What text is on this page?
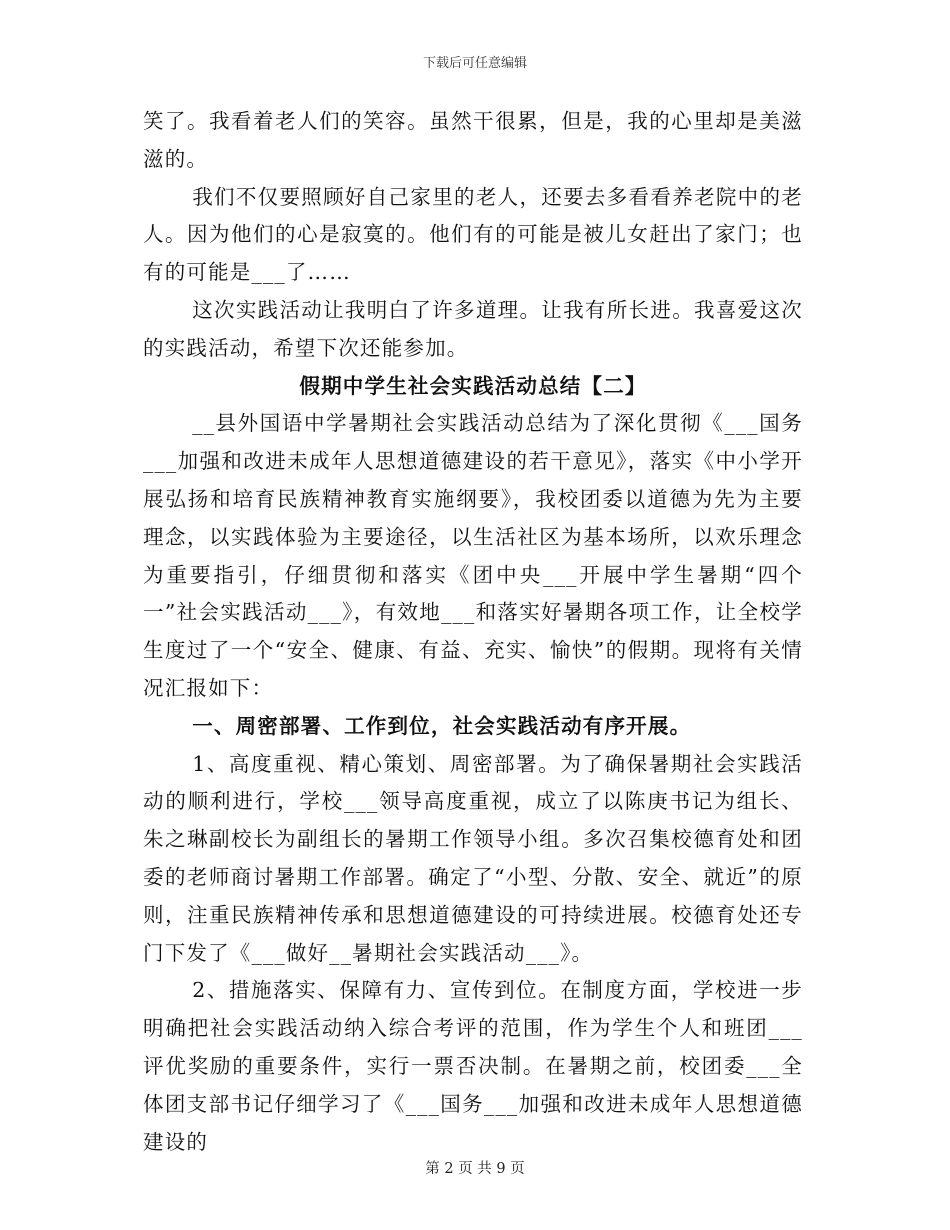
下载后可任意编辑

笑了。我看着老人们的笑容。虽然干很累，但是，我的心里却是美滋滋的。

我们不仅要照顾好自己家里的老人，还要去多看看养老院中的老人。因为他们的心是寂寞的。他们有的可能是被儿女赶出了家门；也有的可能是___了……

这次实践活动让我明白了许多道理。让我有所长进。我喜爱这次的实践活动，希望下次还能参加。

假期中学生社会实践活动总结【二】

__县外国语中学暑期社会实践活动总结为了深化贯彻《___国务___加强和改进未成年人思想道德建设的若干意见》，落实《中小学开展弘扬和培育民族精神教育实施纲要》，我校团委以道德为先为主要理念，以实践体验为主要途径，以生活社区为基本场所，以欢乐理念为重要指引，仔细贯彻和落实《团中央___开展中学生暑期“四个一”社会实践活动___》，有效地___和落实好暑期各项工作，让全校学生度过了一个“安全、健康、有益、充实、愉快”的假期。现将有关情况汇报如下：

一、周密部署、工作到位，社会实践活动有序开展。

1、高度重视、精心策划、周密部署。为了确保暑期社会实践活动的顺利进行，学校___领导高度重视，成立了以陈庚书记为组长、朱之琳副校长为副组长的暑期工作领导小组。多次召集校德育处和团委的老师商讨暑期工作部署。确定了“小型、分散、安全、就近”的原则，注重民族精神传承和思想道德建设的可持续进展。校德育处还专门下发了《___做好__暑期社会实践活动___》。

2、措施落实、保障有力、宣传到位。在制度方面，学校进一步明确把社会实践活动纳入综合考评的范围，作为学生个人和班团___评优奖励的重要条件，实行一票否决制。在暑期之前，校团委___全体团支部书记仔细学习了《___国务___加强和改进未成年人思想道德建设的

第 2 页 共 9 页
